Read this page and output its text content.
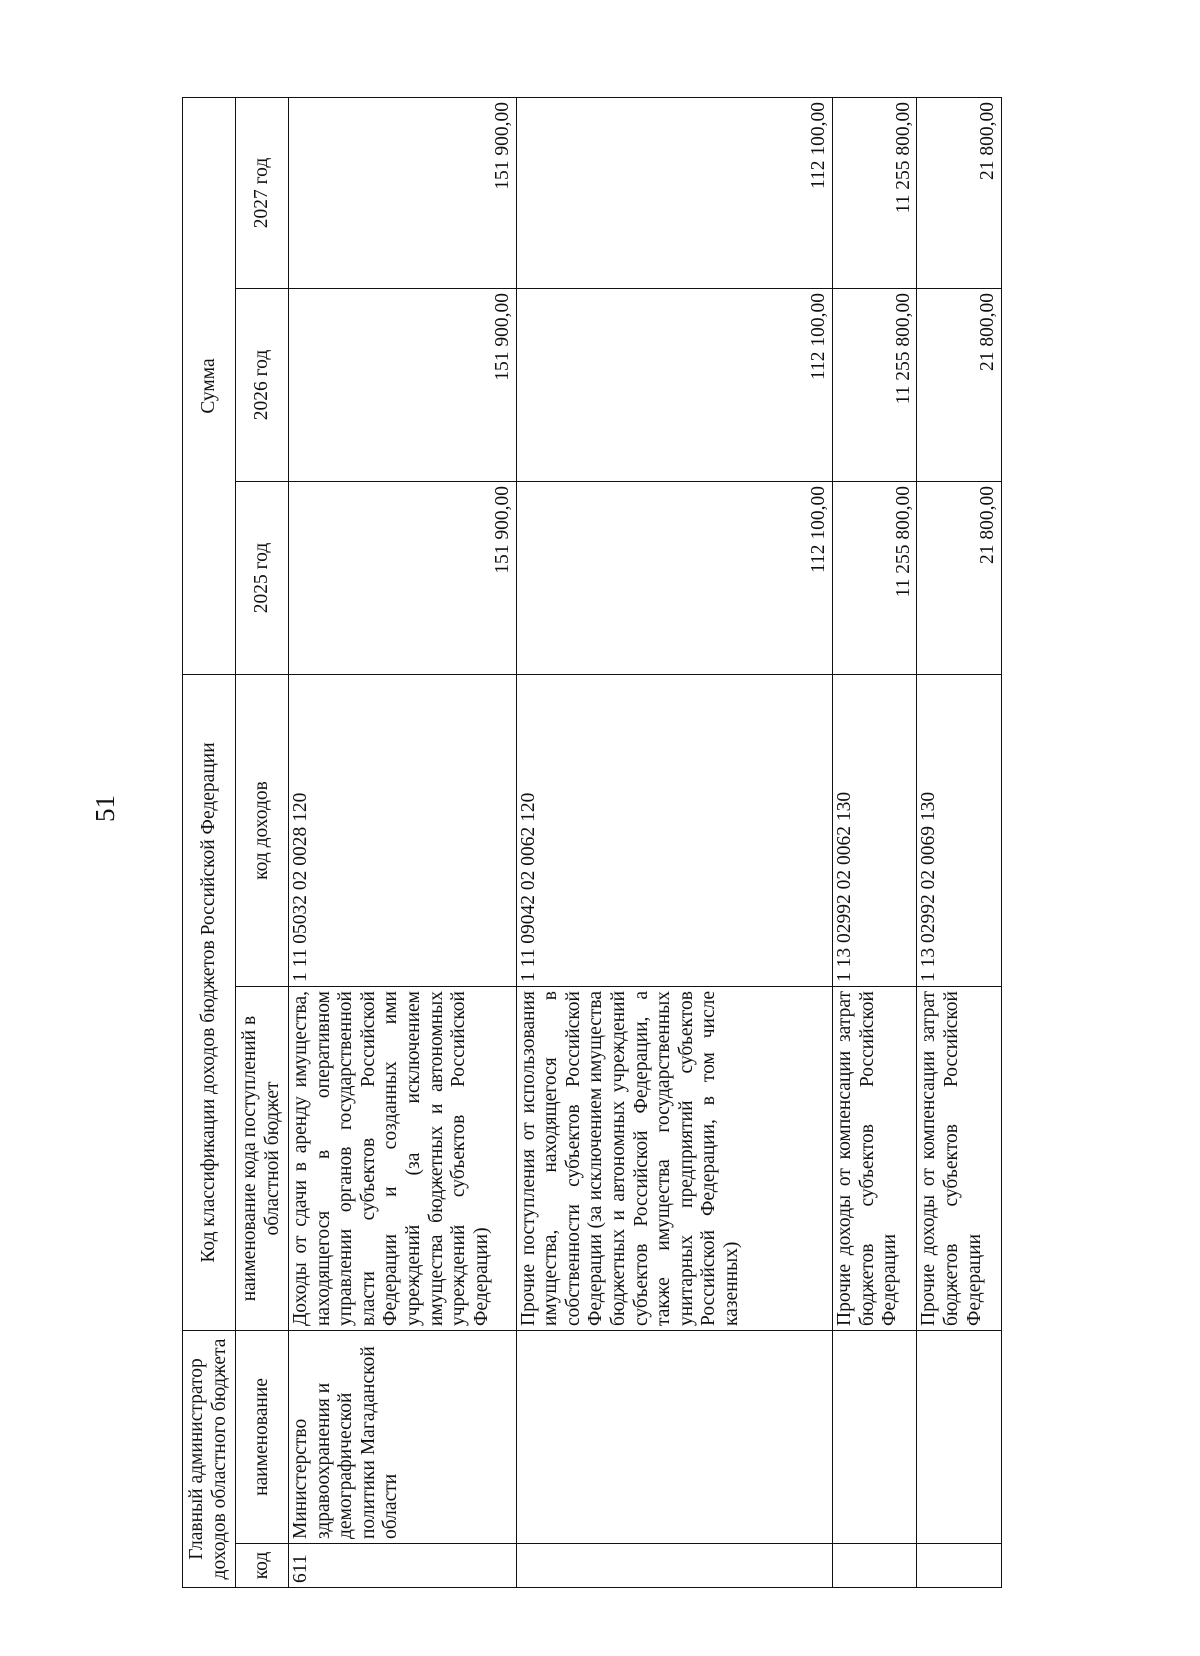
51
Главный администратор доходов областного бюджета		Код классификации доходов бюджетов Российской Федерации		Сумма		
код	наименование	наименование кода поступлений в областной бюджет	код доходов	2025 год	2026 год	2027 год
611	Министерство здравоохранения и демографической политики Магаданской области	Доходы от сдачи в аренду имущества, находящегося в оперативном управлении органов государственной власти субъектов Российской Федерации и созданных ими учреждений (за исключением имущества бюджетных и автономных учреждений субъектов Российской Федерации)	1 11 05032 02 0028 120	151 900,00	151 900,00	151 900,00
		Прочие поступления от использования имущества, находящегося в собственности субъектов Российской Федерации (за исключением имущества бюджетных и автономных учреждений субъектов Российской Федерации, а также имущества государственных унитарных предприятий субъектов Российской Федерации, в том числе казенных)	1 11 09042 02 0062 120	112 100,00	112 100,00	112 100,00
		Прочие доходы от компенсации затрат бюджетов субъектов Российской Федерации	1 13 02992 02 0062 130	11 255 800,00	11 255 800,00	11 255 800,00
		Прочие доходы от компенсации затрат бюджетов субъектов Российской Федерации	1 13 02992 02 0069 130	21 800,00	21 800,00	21 800,00
